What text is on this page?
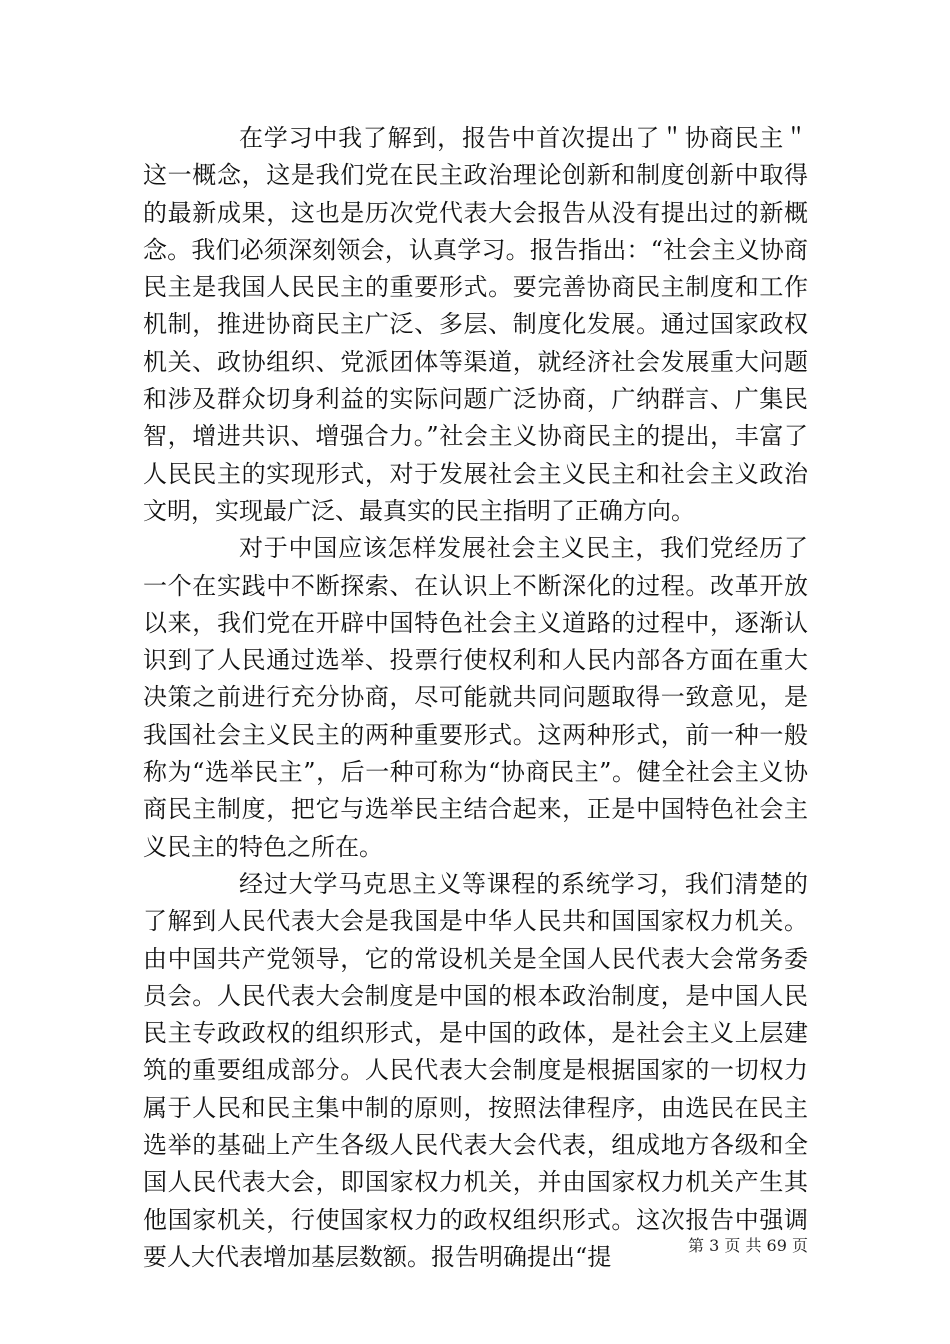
在学习中我了解到，报告中首次提出了＂协商民主＂这一概念，这是我们党在民主政治理论创新和制度创新中取得的最新成果，这也是历次党代表大会报告从没有提出过的新概念。我们必须深刻领会，认真学习。报告指出：“社会主义协商民主是我国人民民主的重要形式。要完善协商民主制度和工作机制，推进协商民主广泛、多层、制度化发展。通过国家政权机关、政协组织、党派团体等渠道，就经济社会发展重大问题和涉及群众切身利益的实际问题广泛协商，广纳群言、广集民智，增进共识、增强合力。”社会主义协商民主的提出，丰富了人民民主的实现形式，对于发展社会主义民主和社会主义政治文明，实现最广泛、最真实的民主指明了正确方向。

对于中国应该怎样发展社会主义民主，我们党经历了一个在实践中不断探索、在认识上不断深化的过程。改革开放以来，我们党在开辟中国特色社会主义道路的过程中，逐渐认识到了人民通过选举、投票行使权利和人民内部各方面在重大决策之前进行充分协商，尽可能就共同问题取得一致意见，是我国社会主义民主的两种重要形式。这两种形式，前一种一般称为“选举民主”，后一种可称为“协商民主”。健全社会主义协商民主制度，把它与选举民主结合起来，正是中国特色社会主义民主的特色之所在。

经过大学马克思主义等课程的系统学习，我们清楚的了解到人民代表大会是我国是中华人民共和国国家权力机关。由中国共产党领导，它的常设机关是全国人民代表大会常务委员会。人民代表大会制度是中国的根本政治制度，是中国人民民主专政政权的组织形式，是中国的政体，是社会主义上层建筑的重要组成部分。人民代表大会制度是根据国家的一切权力属于人民和民主集中制的原则，按照法律程序，由选民在民主选举的基础上产生各级人民代表大会代表，组成地方各级和全国人民代表大会，即国家权力机关，并由国家权力机关产生其他国家机关，行使国家权力的政权组织形式。这次报告中强调要人大代表增加基层数额。报告明确提出“提	第 3 页 共 69 页
